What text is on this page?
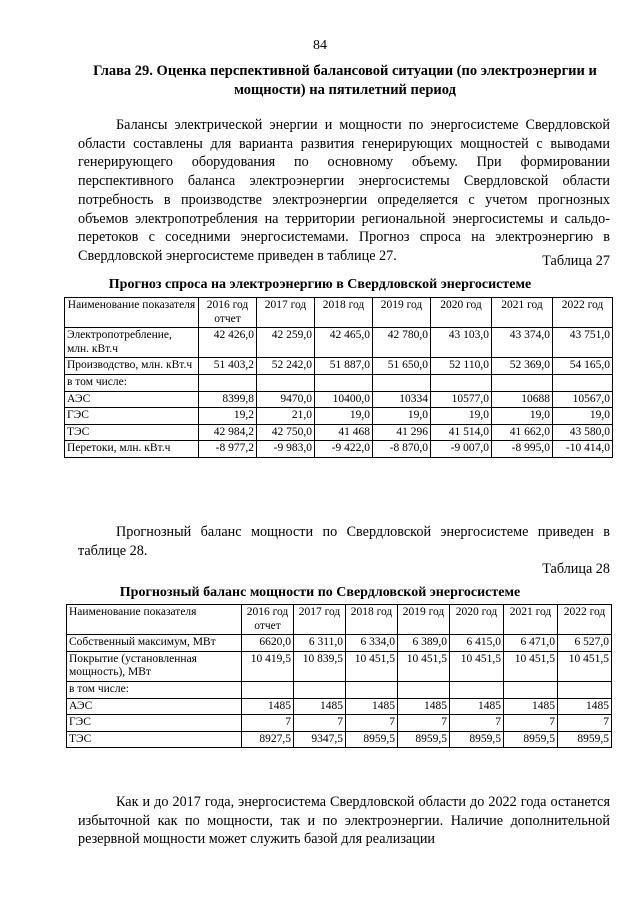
84
Глава 29. Оценка перспективной балансовой ситуации (по электроэнергии и мощности) на пятилетний период
Балансы электрической энергии и мощности по энергосистеме Свердловской области составлены для варианта развития генерирующих мощностей с выводами генерирующего оборудования по основному объему. При формировании перспективного баланса электроэнергии энергосистемы Свердловской области потребность в производстве электроэнергии определяется с учетом прогнозных объемов электропотребления на территории региональной энергосистемы и сальдо-перетоков с соседними энергосистемами. Прогноз спроса на электроэнергию в Свердловской энергосистеме приведен в таблице 27.	Таблица 27
Прогноз спроса на электроэнергию в Свердловской энергосистеме
Наименование показателя	2016 год отчет	2017 год	2018 год	2019 год	2020 год	2021 год	2022 год
Электропотребление, млн. кВт.ч	42 426,0	42 259,0	42 465,0	42 780,0	43 103,0	43 374,0	43 751,0
Производство, млн. кВт.ч	51 403,2	52 242,0	51 887,0	51 650,0	52 110,0	52 369,0	54 165,0
в том числе:							
АЭС	8399,8	9470,0	10400,0	10334	10577,0	10688	10567,0
ГЭС	19,2	21,0	19,0	19,0	19,0	19,0	19,0
ТЭС	42 984,2	42 750,0	41 468	41 296	41 514,0	41 662,0	43 580,0
Перетоки, млн. кВт.ч	-8 977,2	-9 983,0	-9 422,0	-8 870,0	-9 007,0	-8 995,0	-10 414,0
Прогнозный баланс мощности по Свердловской энергосистеме приведен в таблице 28.
Таблица 28
Прогнозный баланс мощности по Свердловской энергосистеме
Наименование показателя	2016 год отчет	2017 год	2018 год	2019 год	2020 год	2021 год	2022 год
Собственный максимум, МВт	6620,0	6 311,0	6 334,0	6 389,0	6 415,0	6 471,0	6 527,0
Покрытие (установленная мощность), МВт	10 419,5	10 839,5	10 451,5	10 451,5	10 451,5	10 451,5	10 451,5
в том числе:							
АЭС	1485	1485	1485	1485	1485	1485	1485
ГЭС	7	7	7	7	7	7	7
ТЭС	8927,5	9347,5	8959,5	8959,5	8959,5	8959,5	8959,5
Как и до 2017 года, энергосистема Свердловской области до 2022 года останется избыточной как по мощности, так и по электроэнергии. Наличие дополнительной резервной мощности может служить базой для реализации
